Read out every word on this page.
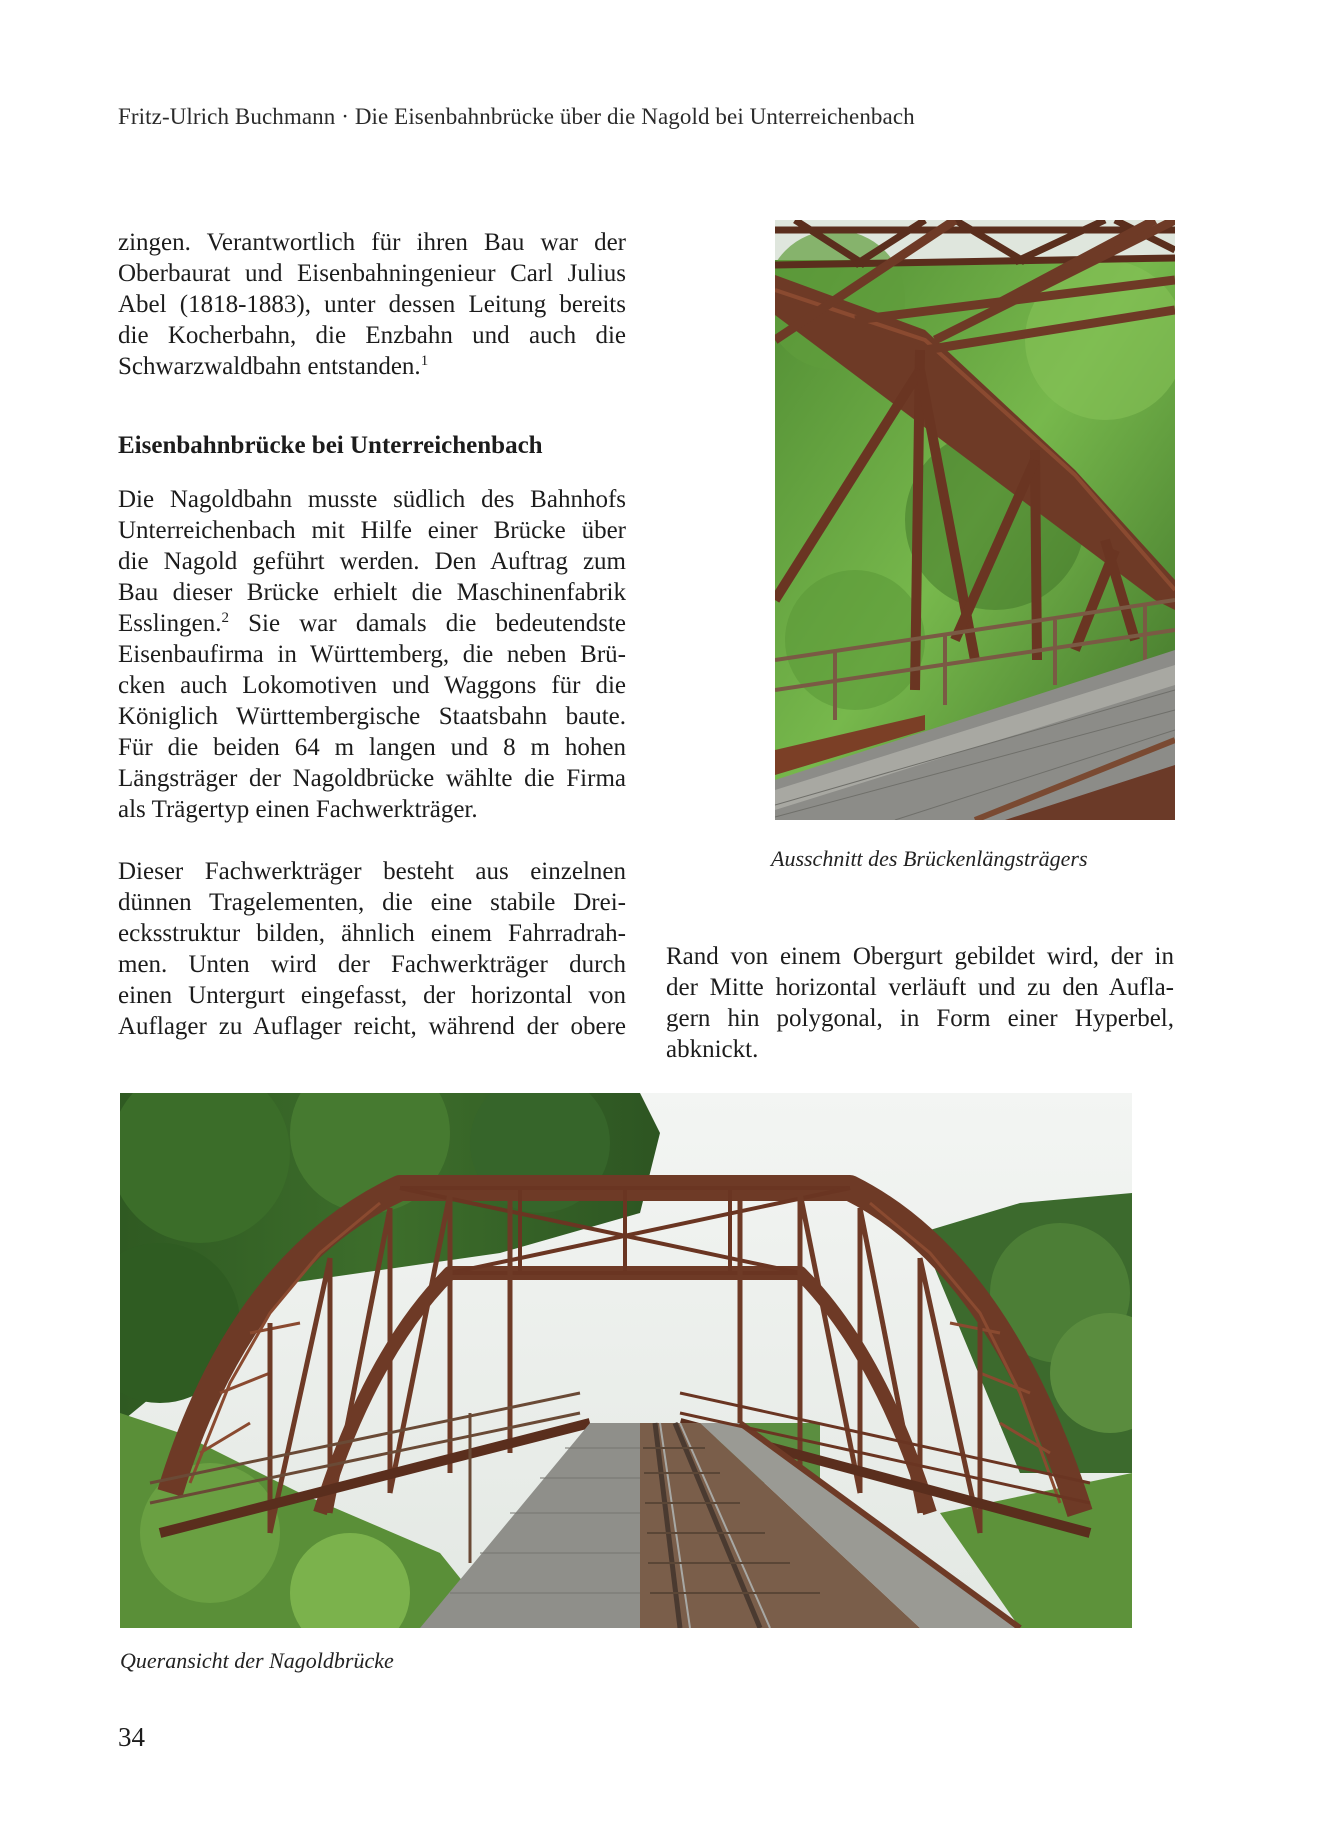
Fritz-Ulrich Buchmann · Die Eisenbahnbrücke über die Nagold bei Unterreichenbach

zingen. Verantwortlich für ihren Bau war der
Oberbaurat und Eisenbahningenieur Carl Julius
Abel (1818-1883), unter dessen Leitung bereits
die Kocherbahn, die Enzbahn und auch die
Schwarzwaldbahn entstanden.$^1$

Eisenbahnbrücke bei Unterreichenbach

Die Nagoldbahn musste südlich des Bahnhofs
Unterreichenbach mit Hilfe einer Brücke über
die Nagold geführt werden. Den Auftrag zum
Bau dieser Brücke erhielt die Maschinenfabrik
Esslingen.$^2$ Sie war damals die bedeutendste
Eisenbaufirma in Württemberg, die neben Brü-
cken auch Lokomotiven und Waggons für die
Königlich Württembergische Staatsbahn baute.
Für die beiden 64 m langen und 8 m hohen
Längsträger der Nagoldbrücke wählte die Firma
als Trägertyp einen Fachwerkträger.

Dieser Fachwerkträger besteht aus einzelnen
dünnen Tragelementen, die eine stabile Drei-
ecksstruktur bilden, ähnlich einem Fahrradrah-
men. Unten wird der Fachwerkträger durch
einen Untergurt eingefasst, der horizontal von
Auflager zu Auflager reicht, während der obere

Rand von einem Obergurt gebildet wird, der in
der Mitte horizontal verläuft und zu den Aufla-
gern hin polygonal, in Form einer Hyperbel,
abknickt.

Ausschnitt des Brückenlängsträgers
Queransicht der Nagoldbrücke
34
